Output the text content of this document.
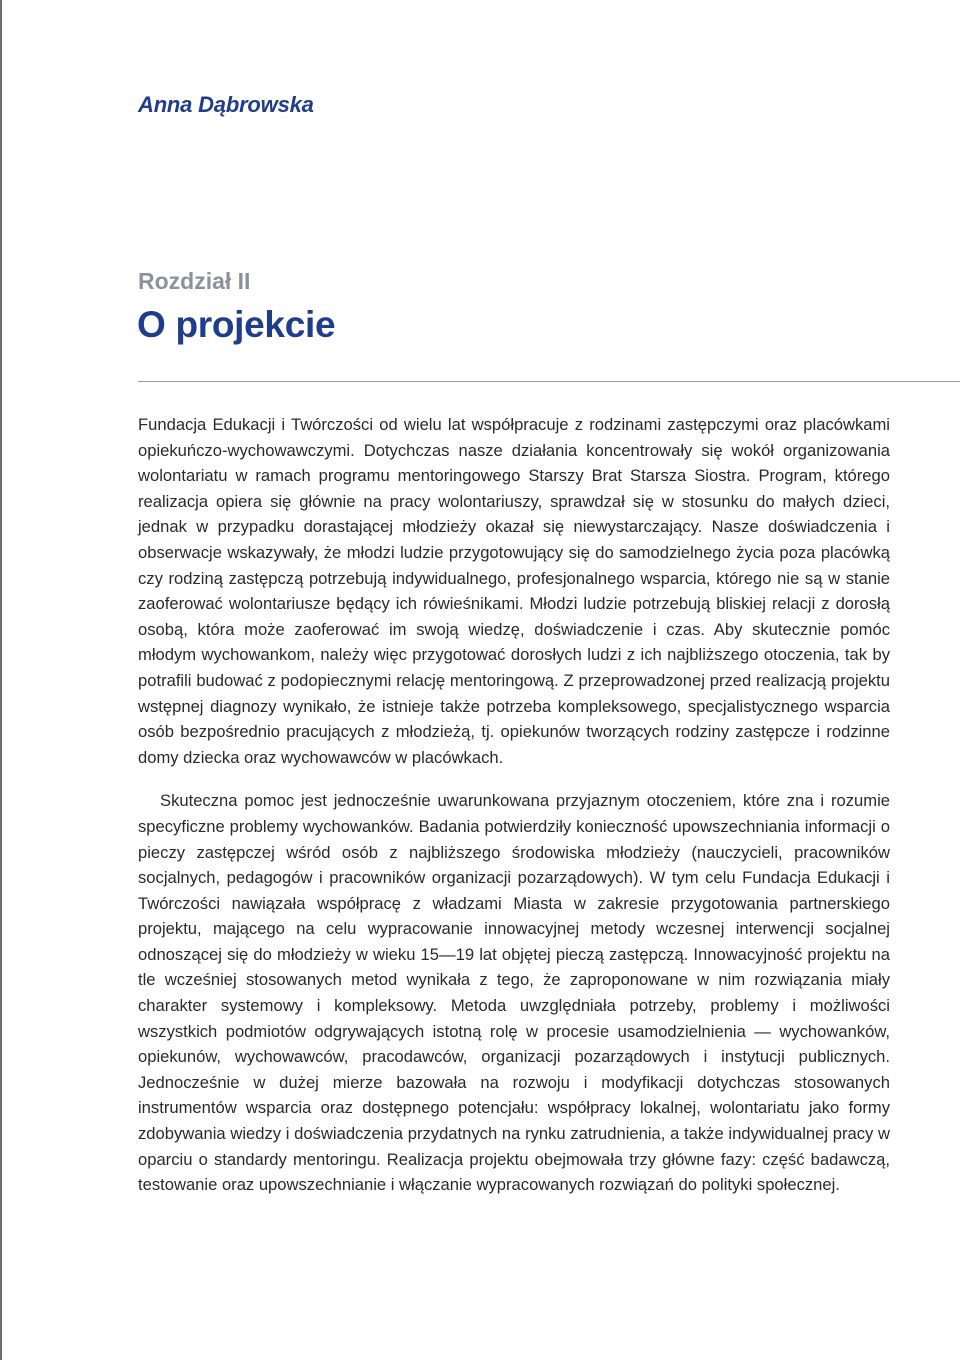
Anna Dąbrowska
Rozdział II
O projekcie

Fundacja Edukacji i Twórczości od wielu lat współpracuje z rodzinami zastępczymi oraz placówkami opiekuńczo-wychowawczymi. Dotychczas nasze działania koncentrowały się wokół organizowania wolontariatu w ramach programu mentoringowego Starszy Brat Starsza Siostra. Program, którego realizacja opiera się głównie na pracy wolontariuszy, sprawdzał się w stosunku do małych dzieci, jednak w przypadku dorastającej młodzieży okazał się niewystarczający. Nasze doświadczenia i obserwacje wskazywały, że młodzi ludzie przygotowujący się do samodzielnego życia poza placówką czy rodziną zastępczą potrzebują indywidualnego, profesjonalnego wsparcia, którego nie są w stanie zaoferować wolontariusze będący ich rówieśnikami. Młodzi ludzie potrzebują bliskiej relacji z dorosłą osobą, która może zaoferować im swoją wiedzę, doświadczenie i czas. Aby skutecznie pomóc młodym wychowankom, należy więc przygotować dorosłych ludzi z ich najbliższego otoczenia, tak by potrafili budować z podopiecznymi relację mentoringową. Z przeprowadzonej przed realizacją projektu wstępnej diagnozy wynikało, że istnieje także potrzeba kompleksowego, specjalistycznego wsparcia osób bezpośrednio pracujących z młodzieżą, tj. opiekunów tworzących rodziny zastępcze i rodzinne domy dziecka oraz wychowawców w placówkach.

Skuteczna pomoc jest jednocześnie uwarunkowana przyjaznym otoczeniem, które zna i rozumie specyficzne problemy wychowanków. Badania potwierdziły konieczność upowszechniania informacji o pieczy zastępczej wśród osób z najbliższego środowiska młodzieży (nauczycieli, pracowników socjalnych, pedagogów i pracowników organizacji pozarządowych). W tym celu Fundacja Edukacji i Twórczości nawiązała współpracę z władzami Miasta w zakresie przygotowania partnerskiego projektu, mającego na celu wypracowanie innowacyjnej metody wczesnej interwencji socjalnej odnoszącej się do młodzieży w wieku 15—19 lat objętej pieczą zastępczą. Innowacyjność projektu na tle wcześniej stosowanych metod wynikała z tego, że zaproponowane w nim rozwiązania miały charakter systemowy i kompleksowy. Metoda uwzględniała potrzeby, problemy i możliwości wszystkich podmiotów odgrywających istotną rolę w procesie usamodzielnienia — wychowanków, opiekunów, wychowawców, pracodawców, organizacji pozarządowych i instytucji publicznych. Jednocześnie w dużej mierze bazowała na rozwoju i modyfikacji dotychczas stosowanych instrumentów wsparcia oraz dostępnego potencjału: współpracy lokalnej, wolontariatu jako formy zdobywania wiedzy i doświadczenia przydatnych na rynku zatrudnienia, a także indywidualnej pracy w oparciu o standardy mentoringu. Realizacja projektu obejmowała trzy główne fazy: część badawczą, testowanie oraz upowszechnianie i włączanie wypracowanych rozwiązań do polityki społecznej.
